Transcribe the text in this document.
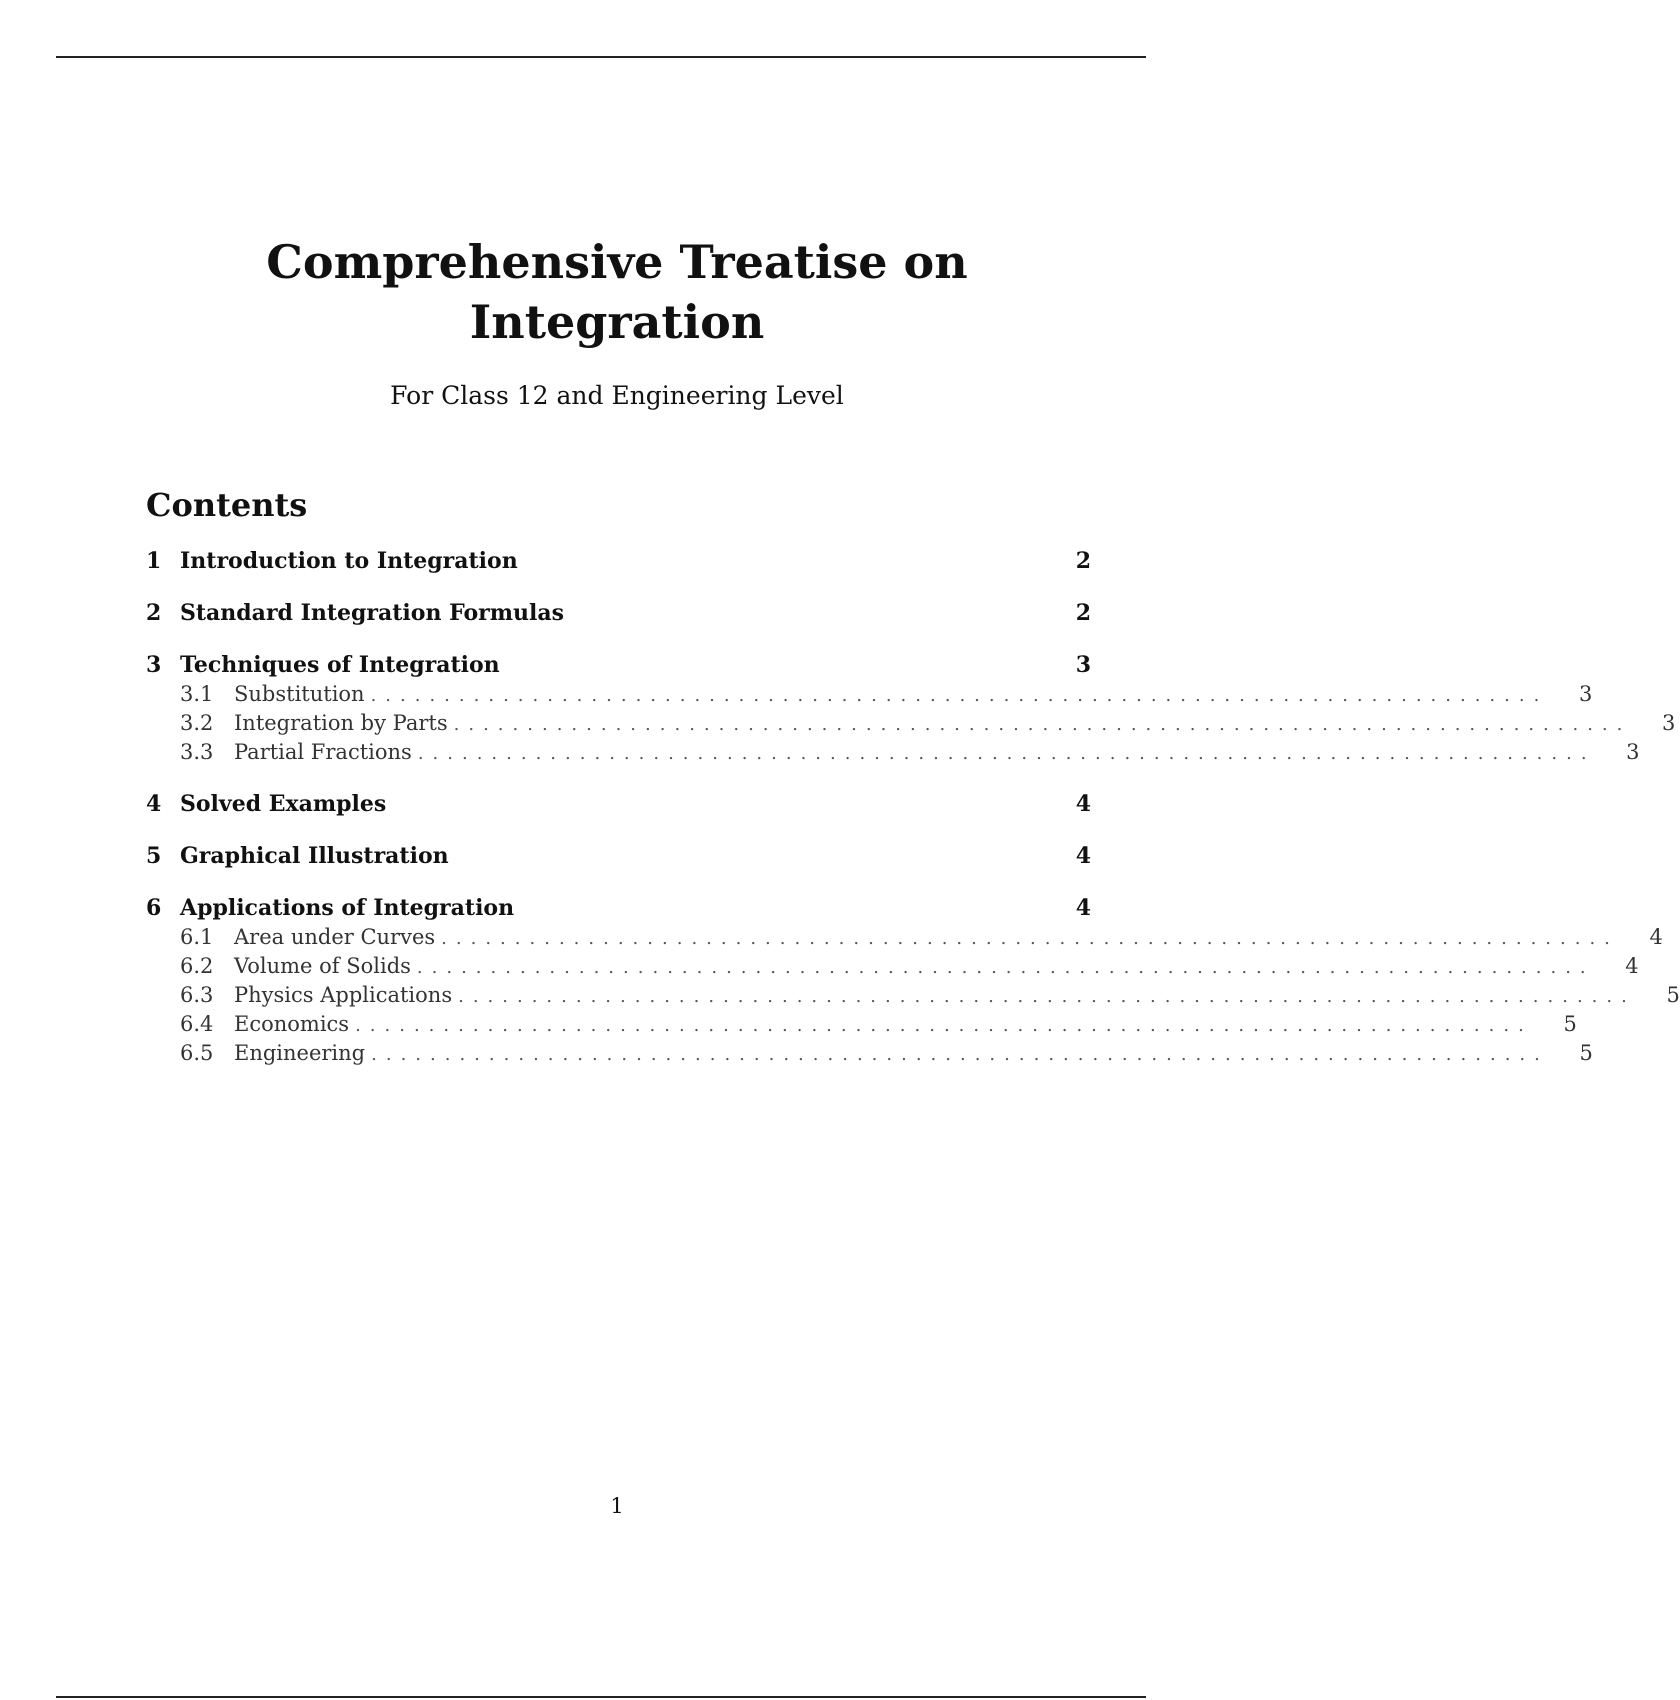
Comprehensive Treatise on
Integration
For Class 12 and Engineering Level
Contents
1 Introduction to Integration	2
2 Standard Integration Formulas	2
3 Techniques of Integration	3
3.1 Substitution ................................................................................	3
3.2 Integration by Parts ................................................................................	3
3.3 Partial Fractions ................................................................................	3
4 Solved Examples	4
5 Graphical Illustration	4
6 Applications of Integration	4
6.1 Area under Curves ................................................................................	4
6.2 Volume of Solids ................................................................................	4
6.3 Physics Applications ................................................................................	5
6.4 Economics ................................................................................	5
6.5 Engineering ................................................................................	5
1
